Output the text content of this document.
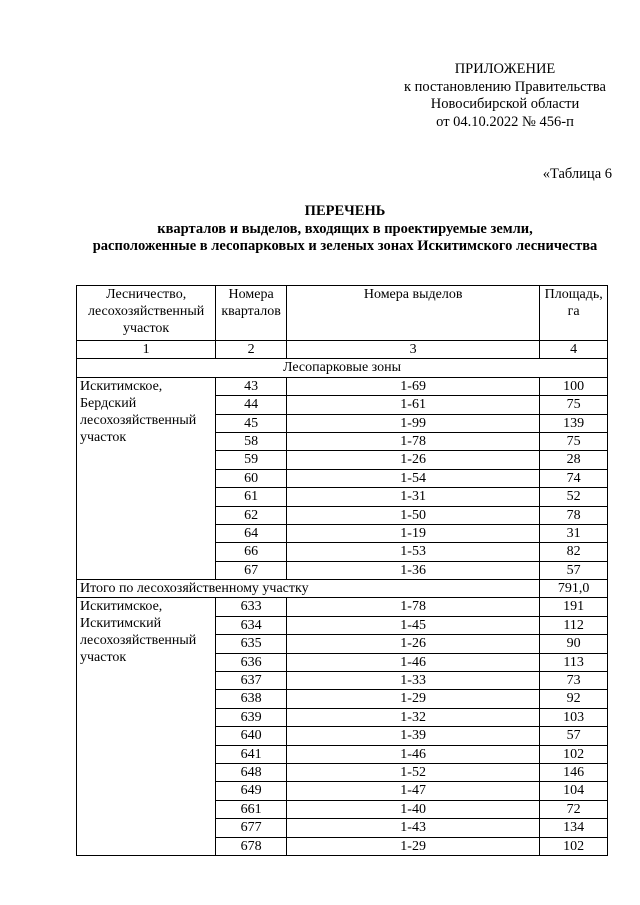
ПРИЛОЖЕНИЕ
к постановлению Правительства
Новосибирской области
от 04.10.2022 № 456-п
«Таблица 6
ПЕРЕЧЕНЬ
кварталов и выделов, входящих в проектируемые земли,
расположенные в лесопарковых и зеленых зонах Искитимского лесничества
Лесничество, лесохозяйственный участок	Номера кварталов	Номера выделов	Площадь, га
1	2	3	4
Лесопарковые зоны			
Искитимское, Бердский лесохозяйственный участок	43	1-69	100
	44	1-61	75
	45	1-99	139
	58	1-78	75
	59	1-26	28
	60	1-54	74
	61	1-31	52
	62	1-50	78
	64	1-19	31
	66	1-53	82
	67	1-36	57
Итого по лесохозяйственному участку			791,0
Искитимское, Искитимский лесохозяйственный участок	633	1-78	191
	634	1-45	112
	635	1-26	90
	636	1-46	113
	637	1-33	73
	638	1-29	92
	639	1-32	103
	640	1-39	57
	641	1-46	102
	648	1-52	146
	649	1-47	104
	661	1-40	72
	677	1-43	134
	678	1-29	102
